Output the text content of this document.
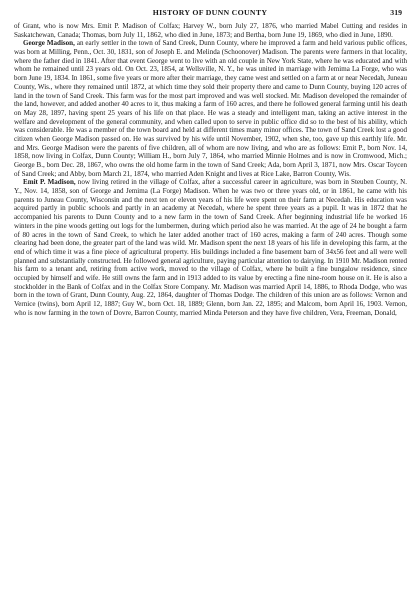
HISTORY OF DUNN COUNTY	319

of Grant, who is now Mrs. Emit P. Madison of Colfax; Harvey W., born July 27, 1876, who married Mabel Cutting and resides in Saskatchewan, Canada; Thomas, born July 11, 1862, who died in June, 1873; and Bertha, born June 19, 1869, who died in June, 1890.

George Madison, an early settler in the town of Sand Creek, Dunn County, where he improved a farm and held various public offices, was born at Milling, Penn., Oct. 30, 1831, son of Joseph E. and Melinda (Schoonover) Madison. The parents were farmers in that locality, where the father died in 1841. After that event George went to live with an old couple in New York State, where he was educated and with whom he remained until 23 years old. On Oct. 23, 1854, at Wellsville, N. Y., he was united in marriage with Jemima La Forge, who was born June 19, 1834. In 1861, some five years or more after their marriage, they came west and settled on a farm at or near Necedah, Juneau County, Wis., where they remained until 1872, at which time they sold their property there and came to Dunn County, buying 120 acres of land in the town of Sand Creek. This farm was for the most part improved and was well stocked. Mr. Madison developed the remainder of the land, however, and added another 40 acres to it, thus making a farm of 160 acres, and there he followed general farming until his death on May 28, 1897, having spent 25 years of his life on that place. He was a steady and intelligent man, taking an active interest in the welfare and development of the general community, and when called upon to serve in public office did so to the best of his ability, which was considerable. He was a member of the town board and held at different times many minor offices. The town of Sand Creek lost a good citizen when George Madison passed on. He was survived by his wife until November, 1902, when she, too, gave up this earthly life. Mr. and Mrs. George Madison were the parents of five children, all of whom are now living, and who are as follows: Emit P., born Nov. 14, 1858, now living in Colfax, Dunn County; William H., born July 7, 1864, who married Minnie Holmes and is now in Cromwood, Mich.; George B., born Dec. 28, 1867, who owns the old home farm in the town of Sand Creek; Ada, born April 3, 1871, now Mrs. Oscar Toycen of Sand Creek; and Abby, born March 21, 1874, who married Aden Knight and lives at Rice Lake, Barron County, Wis.

Emit P. Madison, now living retired in the village of Colfax, after a successful career in agriculture, was born in Steuben County, N. Y., Nov. 14, 1858, son of George and Jemima (La Forge) Madison. When he was two or three years old, or in 1861, he came with his parents to Juneau County, Wisconsin and the next ten or eleven years of his life were spent on their farm at Necedah. His education was acquired partly in public schools and partly in an academy at Necedah, where he spent three years as a pupil. It was in 1872 that he accompanied his parents to Dunn County and to a new farm in the town of Sand Creek. After beginning industrial life he worked 16 winters in the pine woods getting out logs for the lumbermen, during which period also he was married. At the age of 24 he bought a farm of 80 acres in the town of Sand Creek, to which he later added another tract of 160 acres, making a farm of 240 acres. Though some clearing had been done, the greater part of the land was wild. Mr. Madison spent the next 18 years of his life in developing this farm, at the end of which time it was a fine piece of agricultural property. His buildings included a fine basement barn of 34x56 feet and all were well planned and substantially constructed. He followed general agriculture, paying particular attention to dairying. In 1910 Mr. Madison rented his farm to a tenant and, retiring from active work, moved to the village of Colfax, where he built a fine bungalow residence, since occupied by himself and wife. He still owns the farm and in 1913 added to its value by erecting a fine nine-room house on it. He is also a stockholder in the Bank of Colfax and in the Colfax Store Company. Mr. Madison was married April 14, 1886, to Rhoda Dodge, who was born in the town of Grant, Dunn County, Aug. 22, 1864, daughter of Thomas Dodge. The children of this union are as follows: Vernon and Vernice (twins), born April 12, 1887; Guy W., born Oct. 18, 1889; Glenn, born Jan. 22, 1895; and Malcom, born April 16, 1903. Vernon, who is now farming in the town of Dovre, Barron County, married Minda Peterson and they have five children, Vera, Freeman, Donald,
